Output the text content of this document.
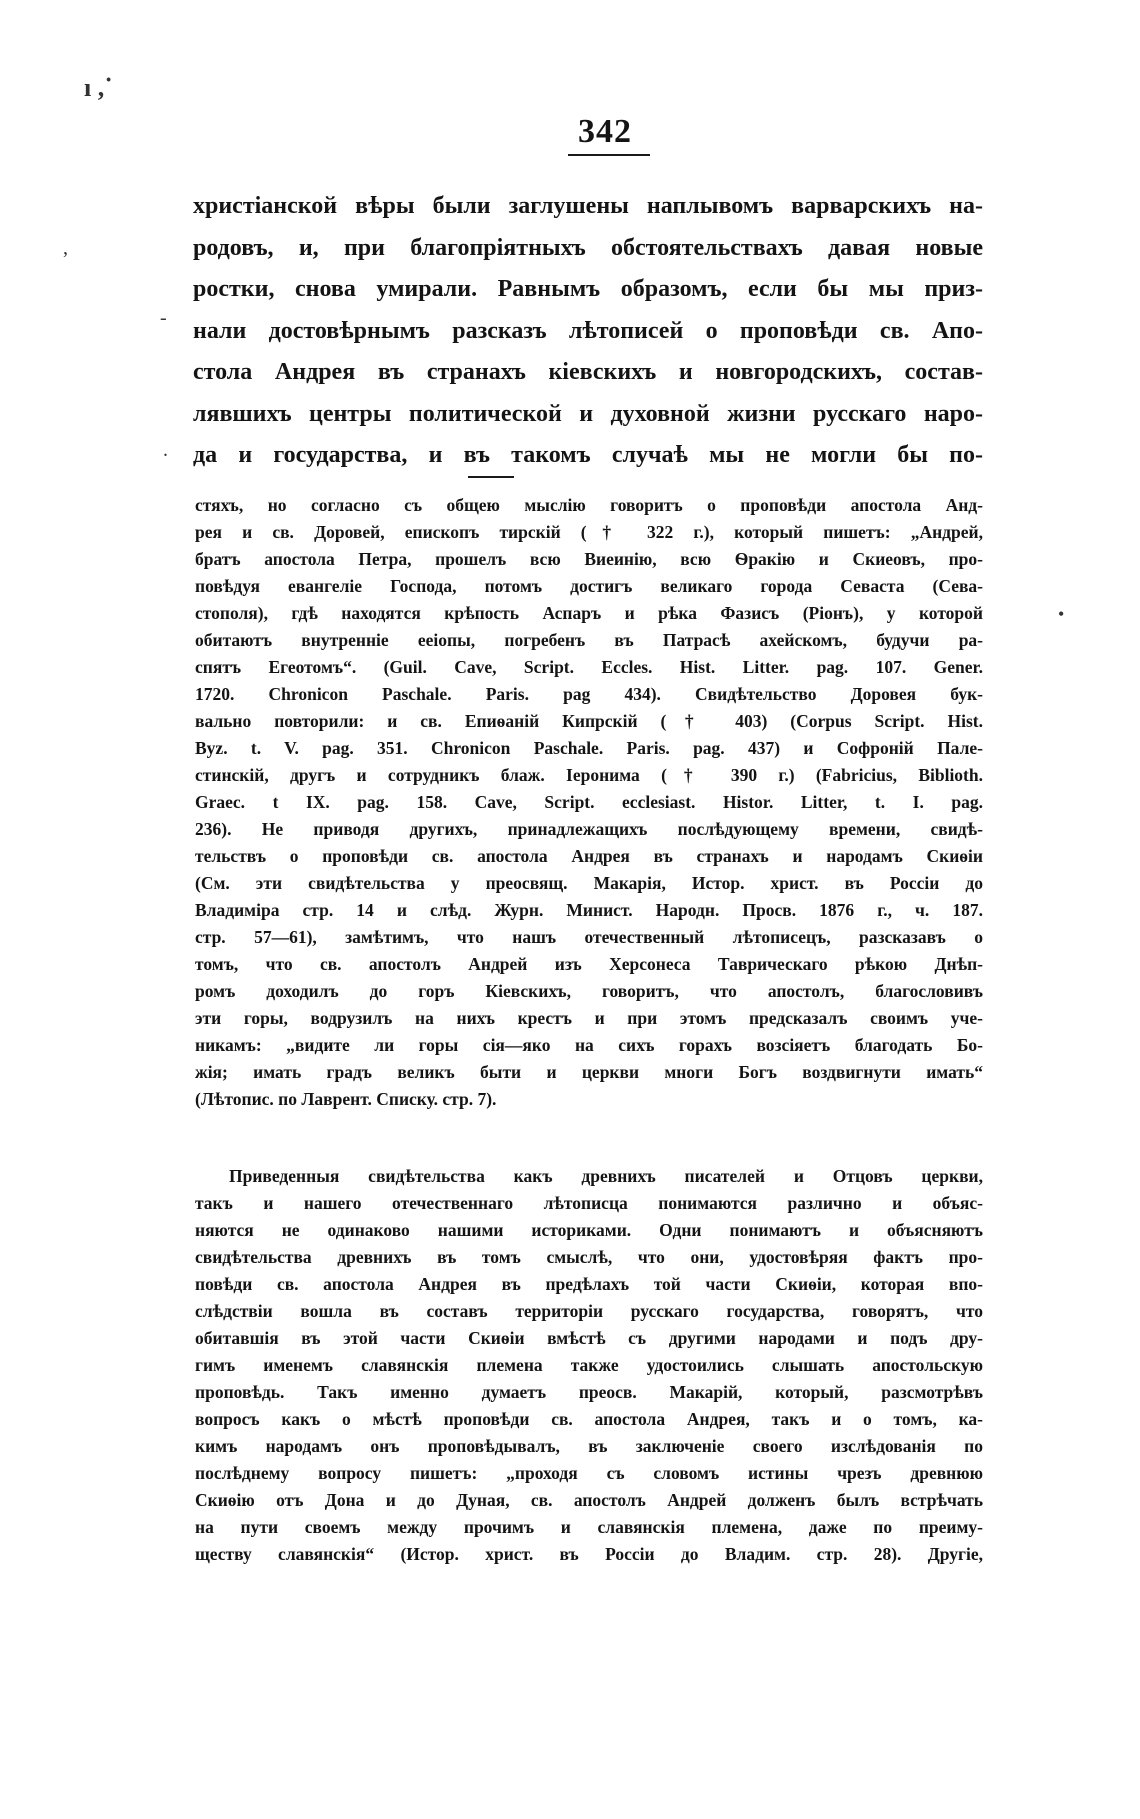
ı ,˙
,
-
.
•
342
христіанской вѣры были заглушены наплывомъ варварскихъ на-
родовъ, и, при благопріятныхъ обстоятельствахъ давая новые
ростки, снова умирали. Равнымъ образомъ, если бы мы приз-
нали достовѣрнымъ разсказъ лѣтописей о проповѣди св. Апо-
стола Андрея въ странахъ кіевскихъ и новгородскихъ, состав-
лявшихъ центры политической и духовной жизни русскаго наро-
да и государства, и въ такомъ случаѣ мы не могли бы по-
стяхъ, но согласно съ общею мыслію говоритъ о проповѣди апостола Анд-
рея и св. Доровей, епископъ тирскій († 322 г.), который пишетъ: „Андрей,
братъ апостола Петра, прошелъ всю Виеинію, всю Ѳракію и Скиеовъ, про-
повѣдуя евангеліе Господа, потомъ достигъ великаго города Севаста (Сева-
стополя), гдѣ находятся крѣпость Аспаръ и рѣка Фазисъ (Ріонъ), у которой
обитаютъ внутренніе ееіопы, погребенъ въ Патрасѣ ахейскомъ, будучи ра-
спятъ Егеотомъ“. (Guil. Cave, Script. Eccles. Hist. Litter. pag. 107. Gener.
1720. Chronicon Paschale. Paris. pag 434). Свидѣтельство Доровея бук-
вально повторили: и св. Епиѳаній Кипрскій († 403) (Corpus Script. Hist.
Byz. t. V. pag. 351. Chronicon Paschale. Paris. pag. 437) и Софроній Пале-
стинскій, другъ и сотрудникъ блаж. Іеронима († 390 г.) (Fabricius, Biblioth.
Graec. t IX. pag. 158. Cave, Script. ecclesiast. Histor. Litter, t. I. pag.
236). Не приводя другихъ, принадлежащихъ послѣдующему времени, свидѣ-
тельствъ о проповѣди св. апостола Андрея въ странахъ и народамъ Скиѳіи
(См. эти свидѣтельства у преосвящ. Макарія, Истор. христ. въ Россіи до
Владиміра стр. 14 и слѣд. Журн. Минист. Народн. Просв. 1876 г., ч. 187.
стр. 57—61), замѣтимъ, что нашъ отечественный лѣтописецъ, разсказавъ о
томъ, что св. апостолъ Андрей изъ Херсонеса Таврическаго рѣкою Днѣп-
ромъ доходилъ до горъ Кіевскихъ, говоритъ, что апостолъ, благословивъ
эти горы, водрузилъ на нихъ крестъ и при этомъ предсказалъ своимъ уче-
никамъ: „видите ли горы сія—яко на сихъ горахъ возсіяетъ благодать Бо-
жія; имать градъ великъ быти и церкви многи Богъ воздвигнути имать“
(Лѣтопис. по Лаврент. Списку. стр. 7).
Приведенныя свидѣтельства какъ древнихъ писателей и Отцовъ церкви,
такъ и нашего отечественнаго лѣтописца понимаются различно и объяс-
няются не одинаково нашими историками. Одни понимаютъ и объясняютъ
свидѣтельства древнихъ въ томъ смыслѣ, что они, удостовѣряя фактъ про-
повѣди св. апостола Андрея въ предѣлахъ той части Скиѳіи, которая впо-
слѣдствіи вошла въ составъ территоріи русскаго государства, говорятъ, что
обитавшія въ этой части Скиѳіи вмѣстѣ съ другими народами и подъ дру-
гимъ именемъ славянскія племена также удостоились слышать апостольскую
проповѣдь. Такъ именно думаетъ преосв. Макарій, который, разсмотрѣвъ
вопросъ какъ о мѣстѣ проповѣди св. апостола Андрея, такъ и о томъ, ка-
кимъ народамъ онъ проповѣдывалъ, въ заключеніе своего изслѣдованія по
послѣднему вопросу пишетъ: „проходя съ словомъ истины чрезъ древнюю
Скиѳію отъ Дона и до Дуная, св. апостолъ Андрей долженъ былъ встрѣчать
на пути своемъ между прочимъ и славянскія племена, даже по преиму-
ществу славянскія“ (Истор. христ. въ Россіи до Владим. стр. 28). Другіе,
